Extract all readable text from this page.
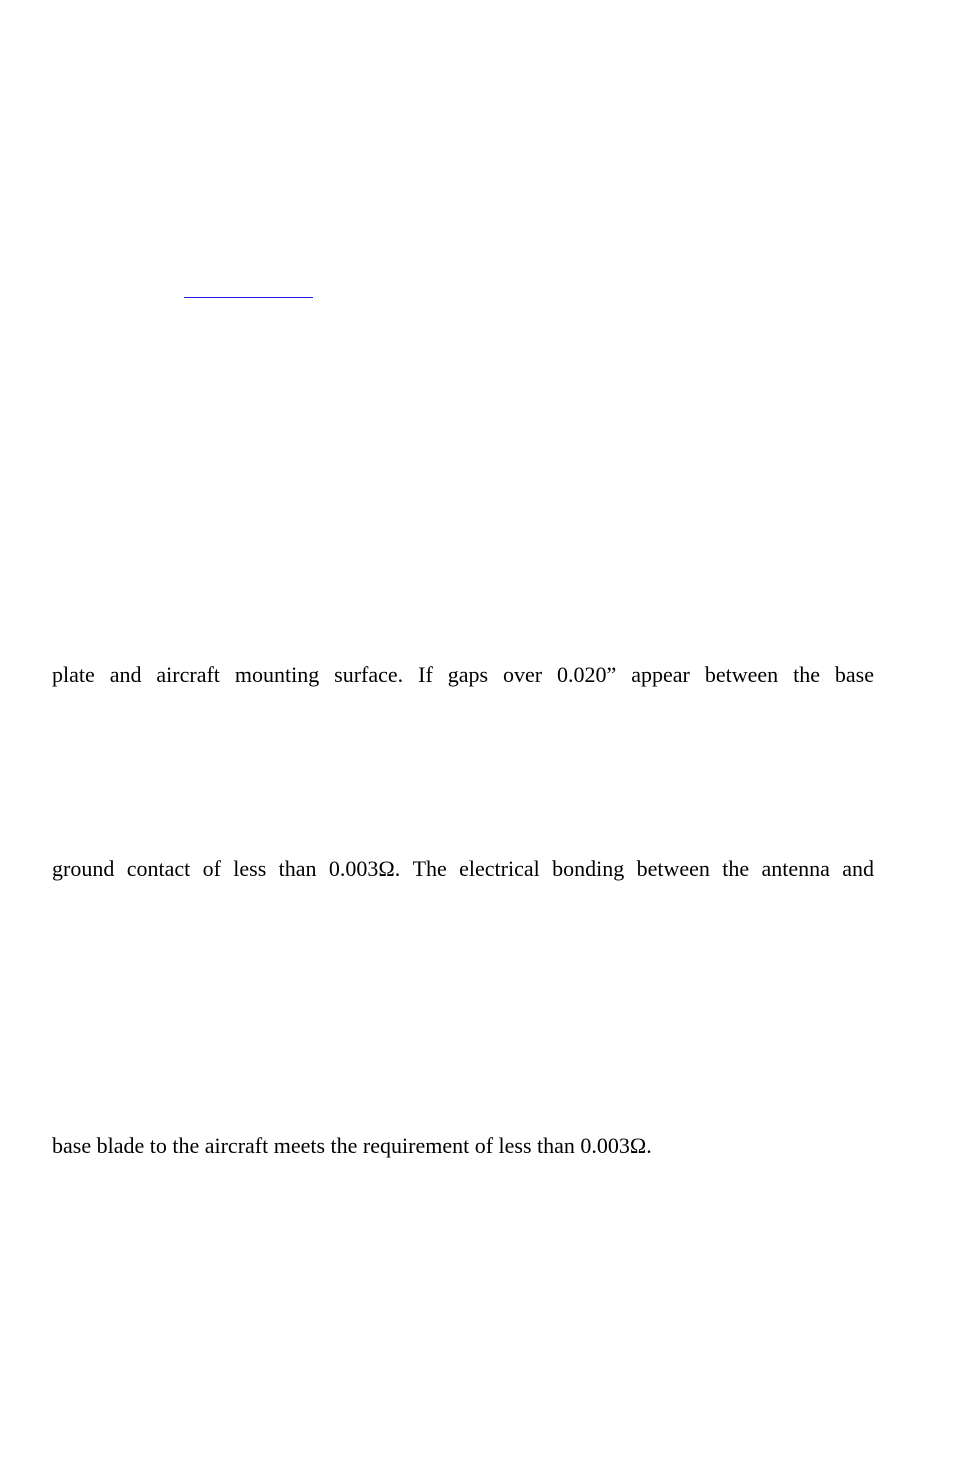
plate and aircraft mounting surface. If gaps over 0.020” appear between the base
ground contact of less than 0.003Ω. The electrical bonding between the antenna and
base blade to the aircraft meets the requirement of less than 0.003Ω.
